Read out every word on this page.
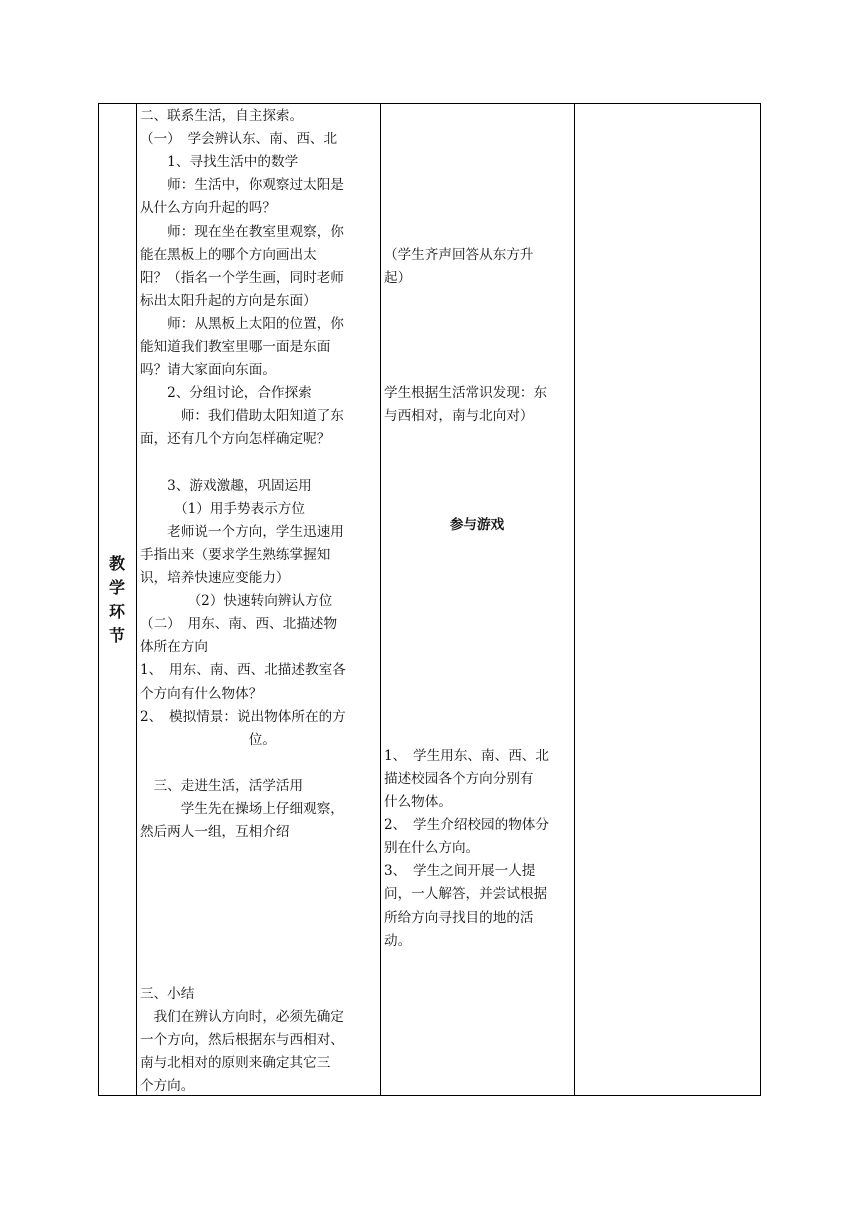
教学环节
二、联系生活，自主探索。
（一）　学会辨认东、南、西、北
　　1、寻找生活中的数学
　　师：生活中，你观察过太阳是
从什么方向升起的吗？
　　师：现在坐在教室里观察，你
能在黑板上的哪个方向画出太
阳？（指名一个学生画，同时老师
标出太阳升起的方向是东面）
　　师：从黑板上太阳的位置，你
能知道我们教室里哪一面是东面
吗？请大家面向东面。
　　2、分组讨论，合作探索
　　　师：我们借助太阳知道了东
面，还有几个方向怎样确定呢？
　　3、游戏激趣，巩固运用
　　　（1）用手势表示方位
　　老师说一个方向，学生迅速用
手指出来（要求学生熟练掌握知
识，培养快速应变能力）
　　　　（2）快速转向辨认方位
（二）　用东、南、西、北描述物
体所在方向
1、　用东、南、西、北描述教室各
个方向有什么物体？
2、　模拟情景：说出物体所在的方
　　　　　　　　位。
　三、走进生活，活学活用
　　　学生先在操场上仔细观察，
然后两人一组，互相介绍
三、小结
　我们在辨认方向时，必须先确定
一个方向，然后根据东与西相对、
南与北相对的原则来确定其它三
个方向。
（学生齐声回答从东方升
起）
学生根据生活常识发现：东
与西相对，南与北向对）
参与游戏
1、　学生用东、南、西、北
描述校园各个方向分别有
什么物体。
2、　学生介绍校园的物体分
别在什么方向。
3、　学生之间开展一人提
问，一人解答，并尝试根据
所给方向寻找目的地的活
动。
